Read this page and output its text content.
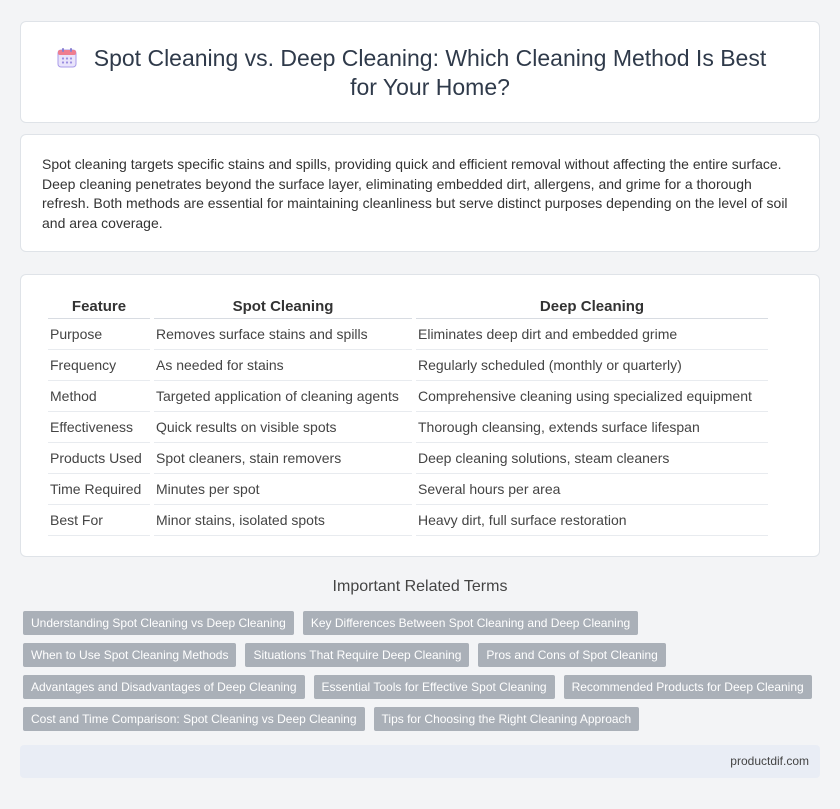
Spot Cleaning vs. Deep Cleaning: Which Cleaning Method Is Best for Your Home?

Spot cleaning targets specific stains and spills, providing quick and efficient removal without affecting the entire surface. Deep cleaning penetrates beyond the surface layer, eliminating embedded dirt, allergens, and grime for a thorough refresh. Both methods are essential for maintaining cleanliness but serve distinct purposes depending on the level of soil and area coverage.

Feature	Spot Cleaning	Deep Cleaning
Purpose	Removes surface stains and spills	Eliminates deep dirt and embedded grime
Frequency	As needed for stains	Regularly scheduled (monthly or quarterly)
Method	Targeted application of cleaning agents	Comprehensive cleaning using specialized equipment
Effectiveness	Quick results on visible spots	Thorough cleansing, extends surface lifespan
Products Used	Spot cleaners, stain removers	Deep cleaning solutions, steam cleaners
Time Required	Minutes per spot	Several hours per area
Best For	Minor stains, isolated spots	Heavy dirt, full surface restoration
Important Related Terms
Understanding Spot Cleaning vs Deep Cleaning	Key Differences Between Spot Cleaning and Deep Cleaning
When to Use Spot Cleaning Methods	Situations That Require Deep Cleaning	Pros and Cons of Spot Cleaning
Advantages and Disadvantages of Deep Cleaning	Essential Tools for Effective Spot Cleaning	Recommended Products for Deep Cleaning
Cost and Time Comparison: Spot Cleaning vs Deep Cleaning	Tips for Choosing the Right Cleaning Approach
productdif.com
